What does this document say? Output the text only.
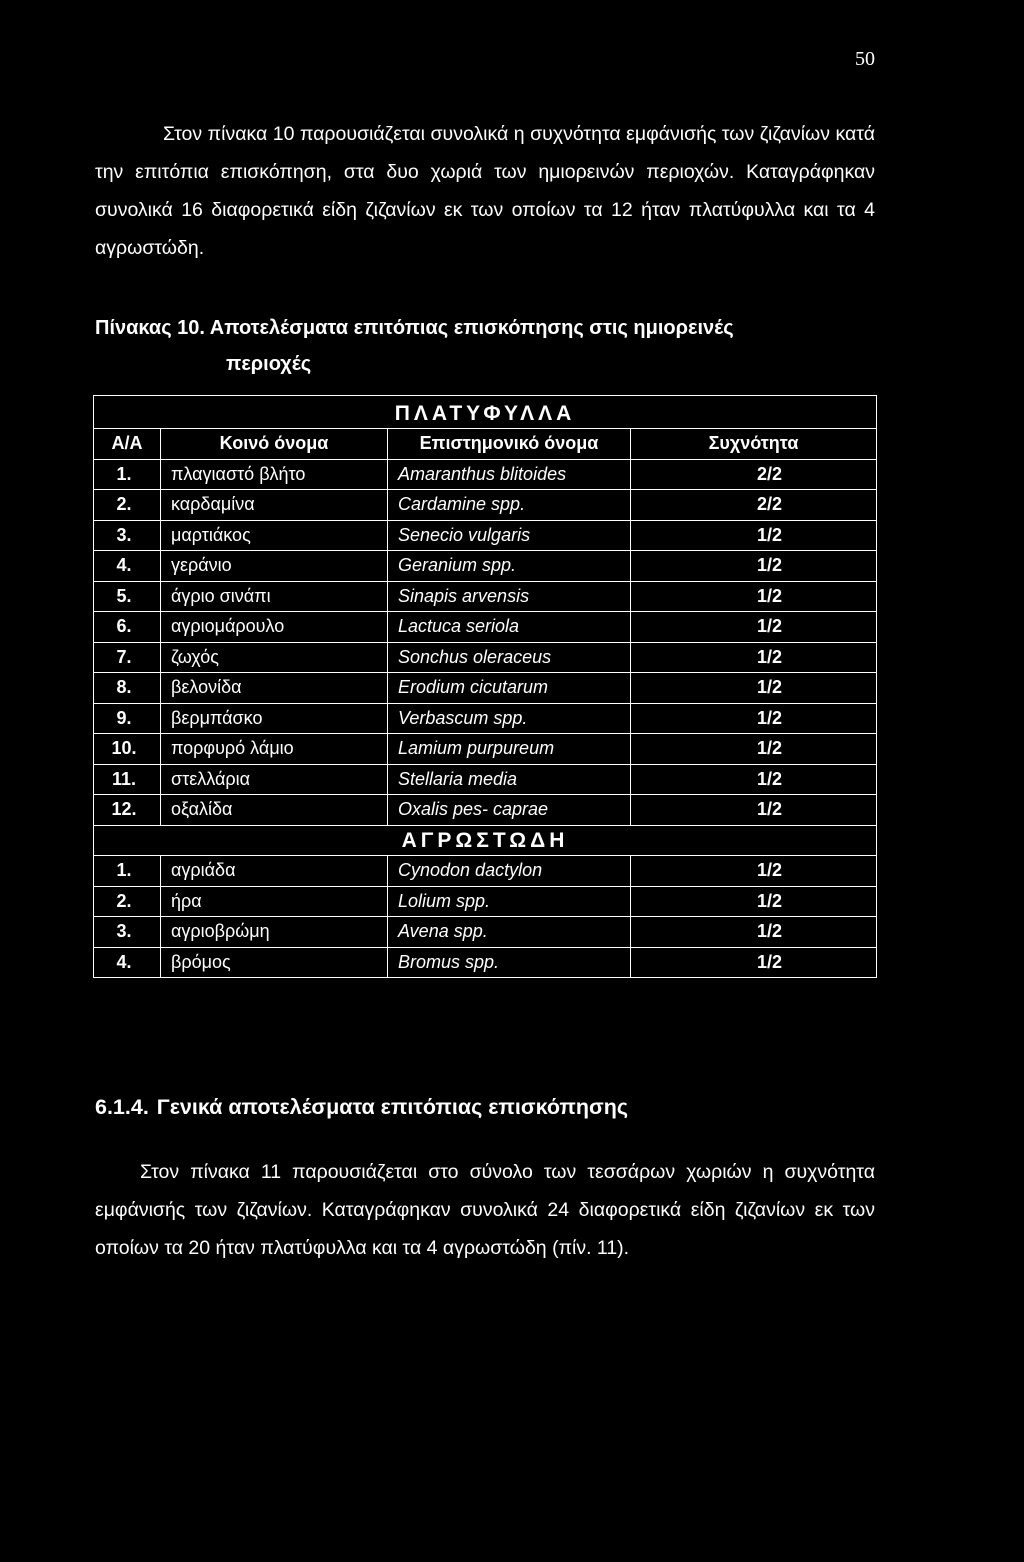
50

Στον πίνακα 10 παρουσιάζεται συνολικά η συχνότητα εμφάνισής των ζιζανίων κατά την επιτόπια επισκόπηση, στα δυο χωριά των ημιορεινών περιοχών. Καταγράφηκαν συνολικά 16 διαφορετικά είδη ζιζανίων εκ των οποίων τα 12 ήταν πλατύφυλλα και τα 4 αγρωστώδη.

Πίνακας 10. Αποτελέσματα επιτόπιας επισκόπησης στις ημιορεινές
περιοχές

ΠΛΑΤΥΦΥΛΛΑ			
Α/Α	Κοινό όνομα	Επιστημονικό όνομα	Συχνότητα
1.	πλαγιαστό βλήτο	Amaranthus blitoides	2/2
2.	καρδαμίνα	Cardamine spp.	2/2
3.	μαρτιάκος	Senecio vulgaris	1/2
4.	γεράνιο	Geranium spp.	1/2
5.	άγριο σινάπι	Sinapis arvensis	1/2
6.	αγριομάρουλο	Lactuca seriola	1/2
7.	ζωχός	Sonchus oleraceus	1/2
8.	βελονίδα	Erodium cicutarum	1/2
9.	βερμπάσκο	Verbascum spp.	1/2
10.	πορφυρό λάμιο	Lamium purpureum	1/2
11.	στελλάρια	Stellaria media	1/2
12.	οξαλίδα	Oxalis pes- caprae	1/2
ΑΓΡΩΣΤΩΔΗ			
1.	αγριάδα	Cynodon dactylon	1/2
2.	ήρα	Lolium spp.	1/2
3.	αγριοβρώμη	Avena spp.	1/2
4.	βρόμος	Bromus spp.	1/2
6.1.4. Γενικά αποτελέσματα επιτόπιας επισκόπησης

Στον πίνακα 11 παρουσιάζεται στο σύνολο των τεσσάρων χωριών η συχνότητα εμφάνισής των ζιζανίων. Καταγράφηκαν συνολικά 24 διαφορετικά είδη ζιζανίων εκ των οποίων τα 20 ήταν πλατύφυλλα και τα 4 αγρωστώδη (πίν. 11).
